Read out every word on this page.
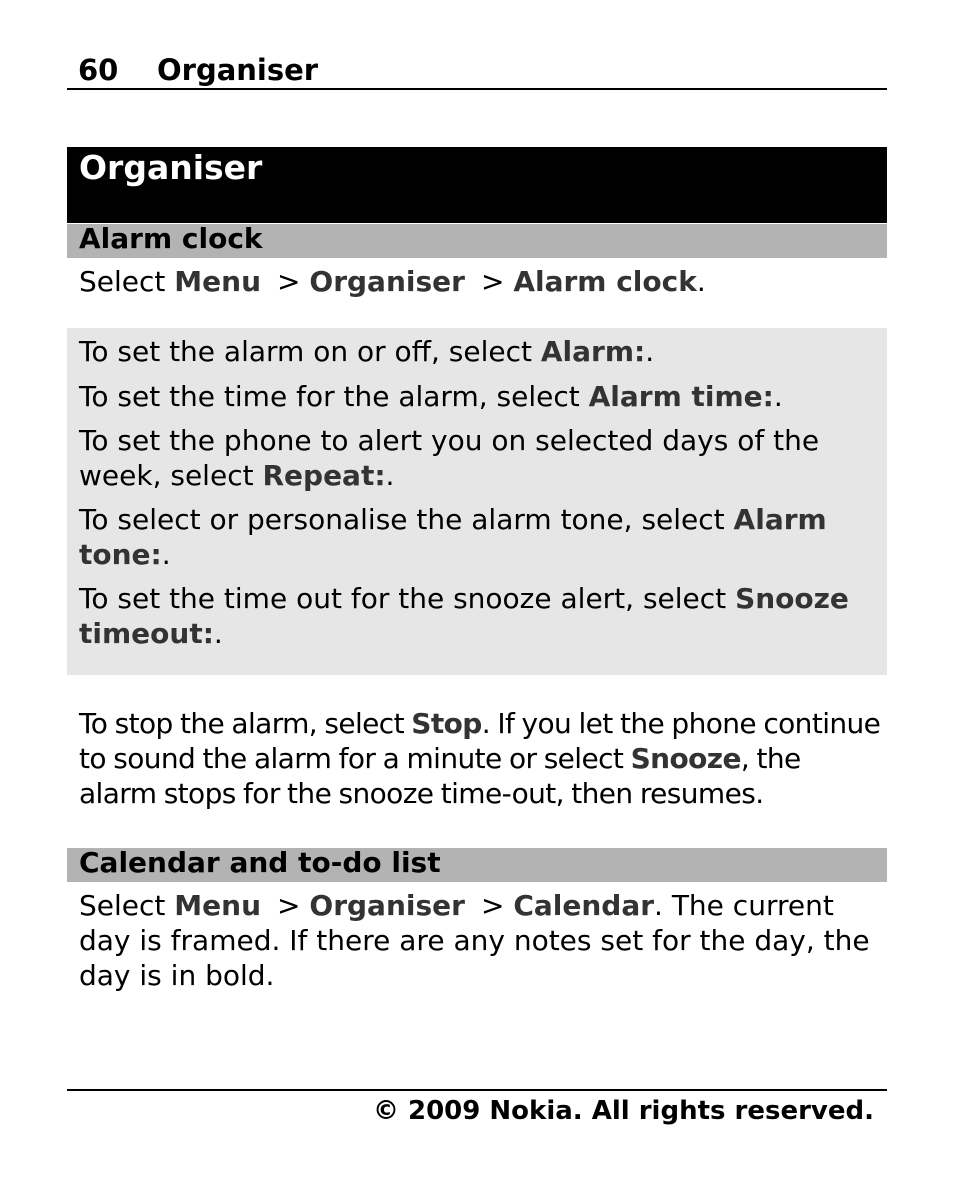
60 Organiser
Organiser
Alarm clock
Select Menu > Organiser > Alarm clock.
To set the alarm on or off, select Alarm:.
To set the time for the alarm, select Alarm time:.
To set the phone to alert you on selected days of the week, select Repeat:.
To select or personalise the alarm tone, select Alarm tone:.
To set the time out for the snooze alert, select Snooze timeout:.
To stop the alarm, select Stop. If you let the phone continue to sound the alarm for a minute or select Snooze, the alarm stops for the snooze time-out, then resumes.
Calendar and to-do list
Select Menu > Organiser > Calendar. The current day is framed. If there are any notes set for the day, the day is in bold.
© 2009 Nokia. All rights reserved.
